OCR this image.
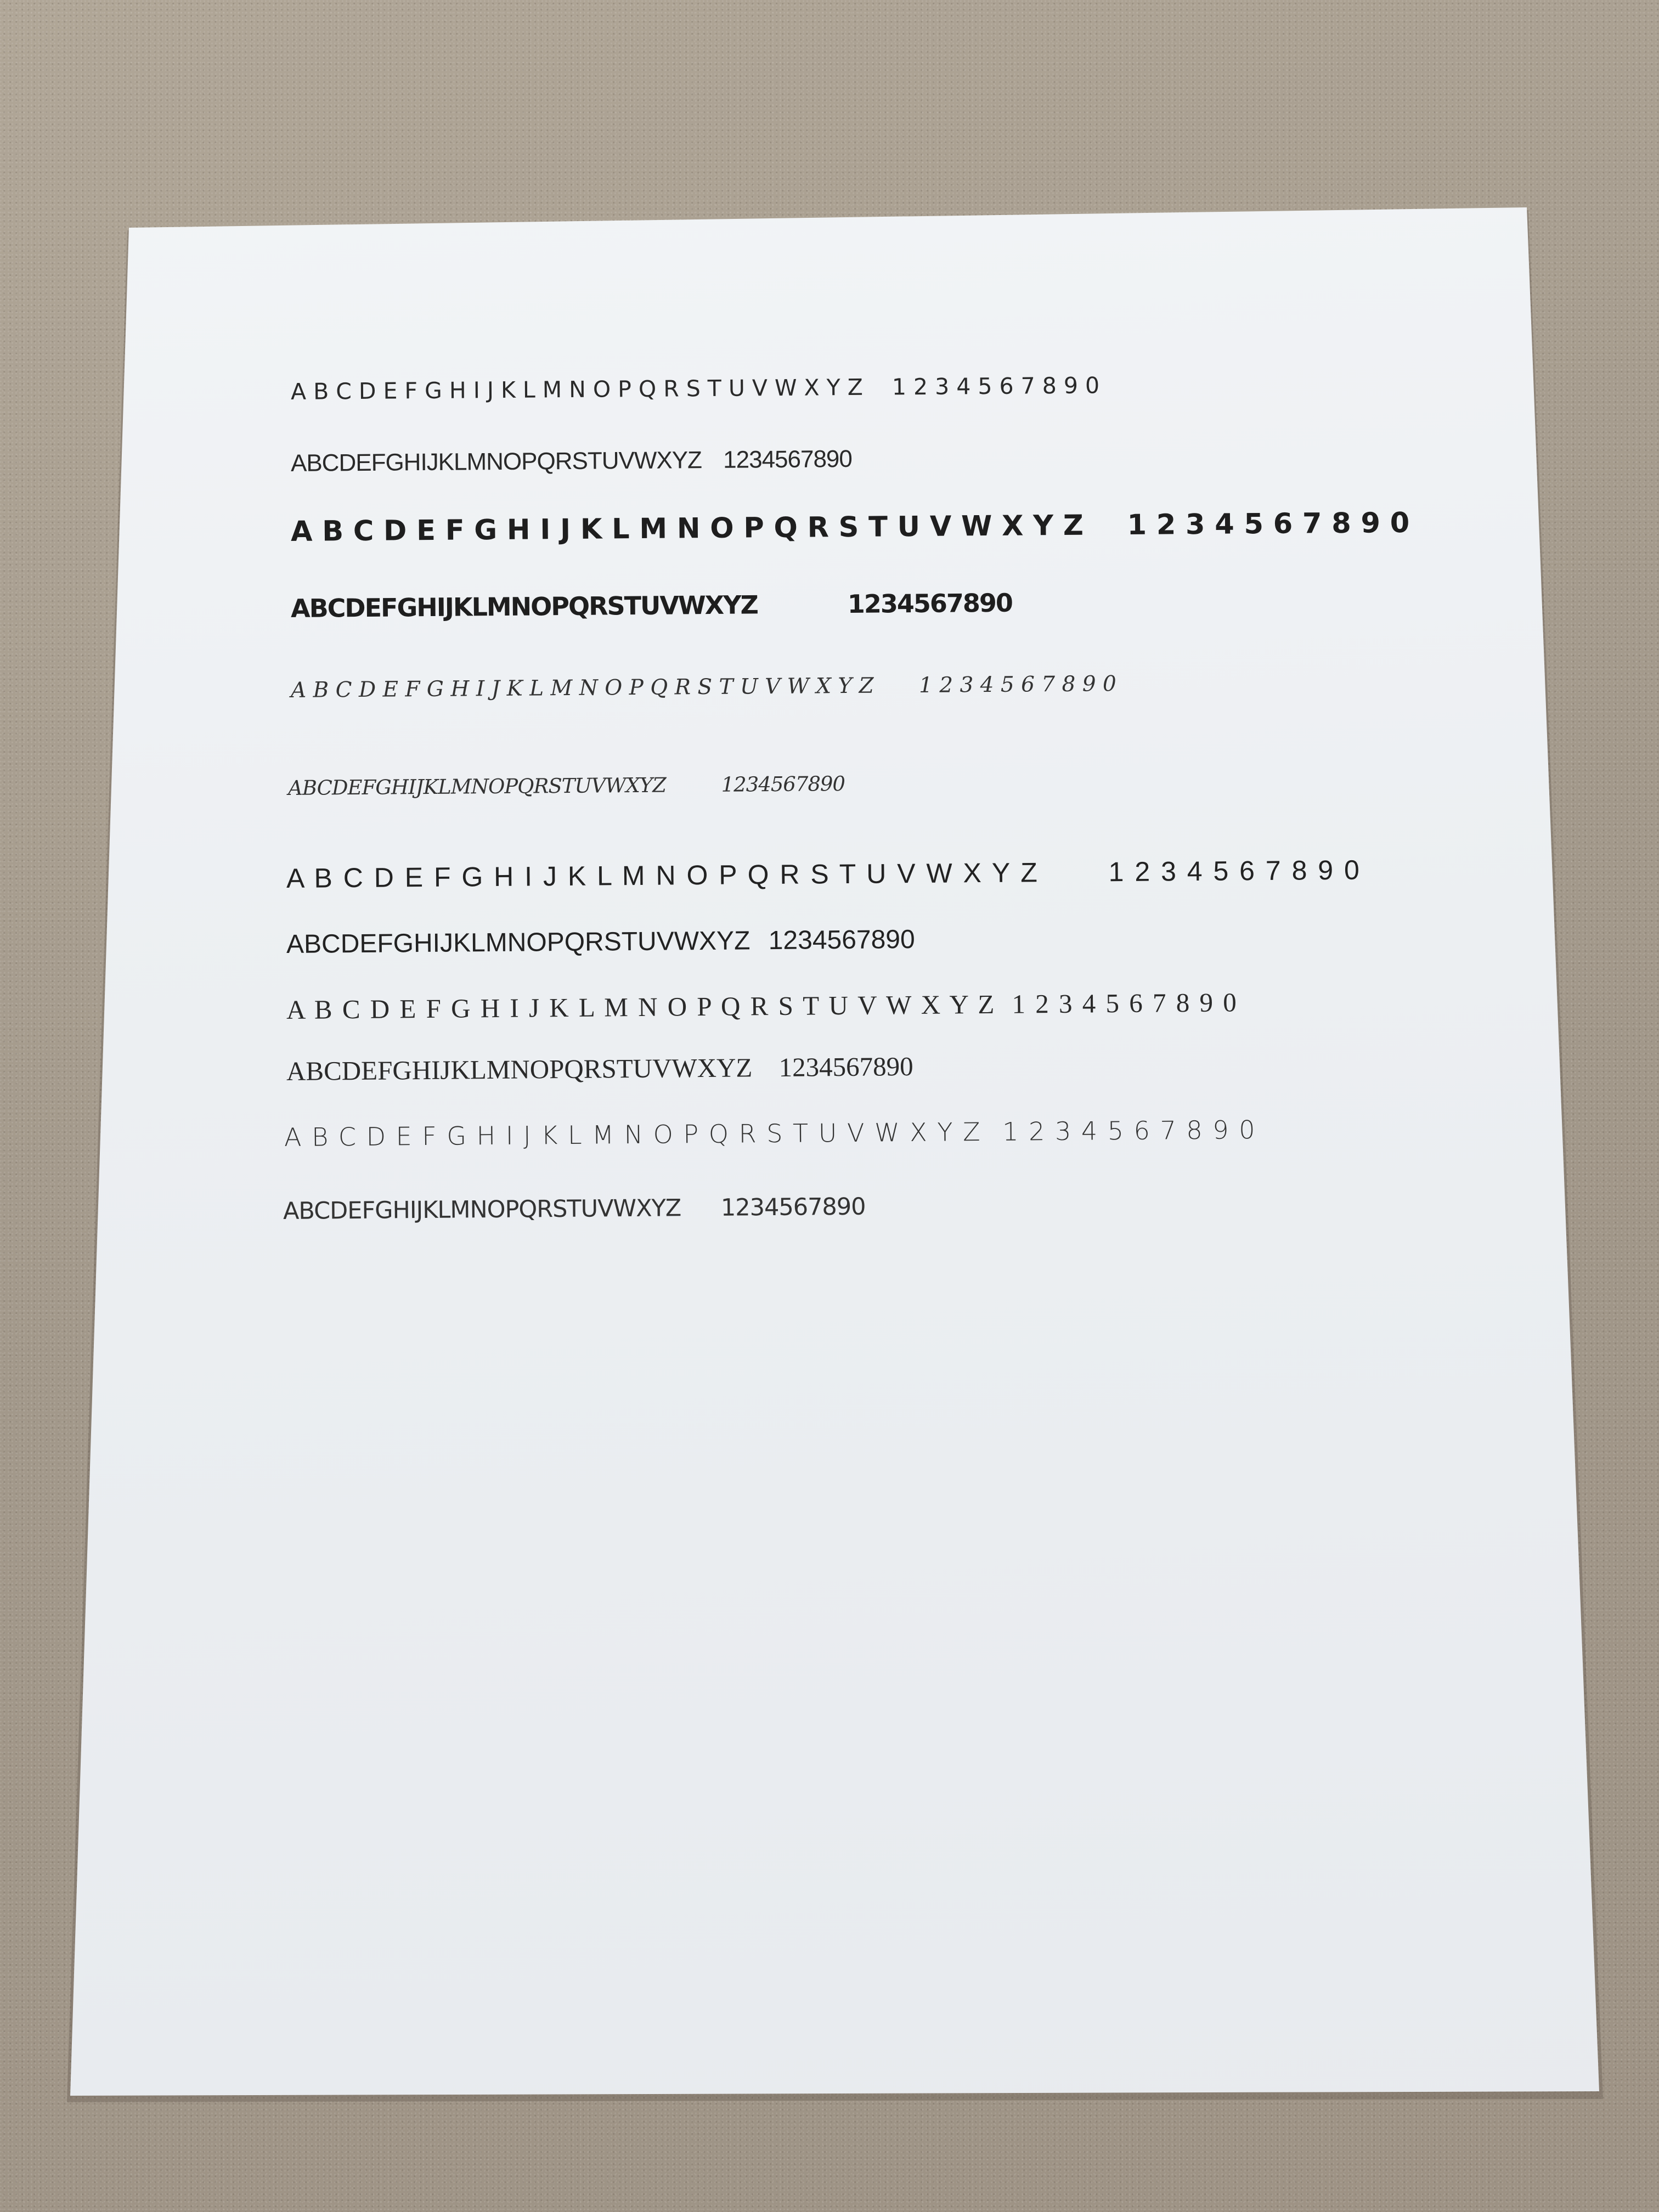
A B C D E F G H I J K L M N O P Q R S T U V W X Y Z 1 2 3 4 5 6 7 8 9 0
ABCDEFGHIJKLMNOPQRSTUVWXYZ 1234567890
A B C D E F G H I J K L M N O P Q R S T U V W X Y Z 1 2 3 4 5 6 7 8 9 0
ABCDEFGHIJKLMNOPQRSTUVWXYZ	1234567890
A B C D E F G H I J K L M N O P Q R S T U V W X Y Z 1 2 3 4 5 6 7 8 9 0
ABCDEFGHIJKLMNOPQRSTUVWXYZ	1234567890
A B C D E F G H I J K L M N O P Q R S T U V W X Y Z	1 2 3 4 5 6 7 8 9 0
ABCDEFGHIJKLMNOPQRSTUVWXYZ 1234567890
A B C D E F G H I J K L M N O P Q R S T U V W X Y Z 1 2 3 4 5 6 7 8 9 0
ABCDEFGHIJKLMNOPQRSTUVWXYZ 1234567890
A B C D E F G H I J K L M N O P Q R S T U V W X Y Z 1 2 3 4 5 6 7 8 9 0
ABCDEFGHIJKLMNOPQRSTUVWXYZ 1234567890
